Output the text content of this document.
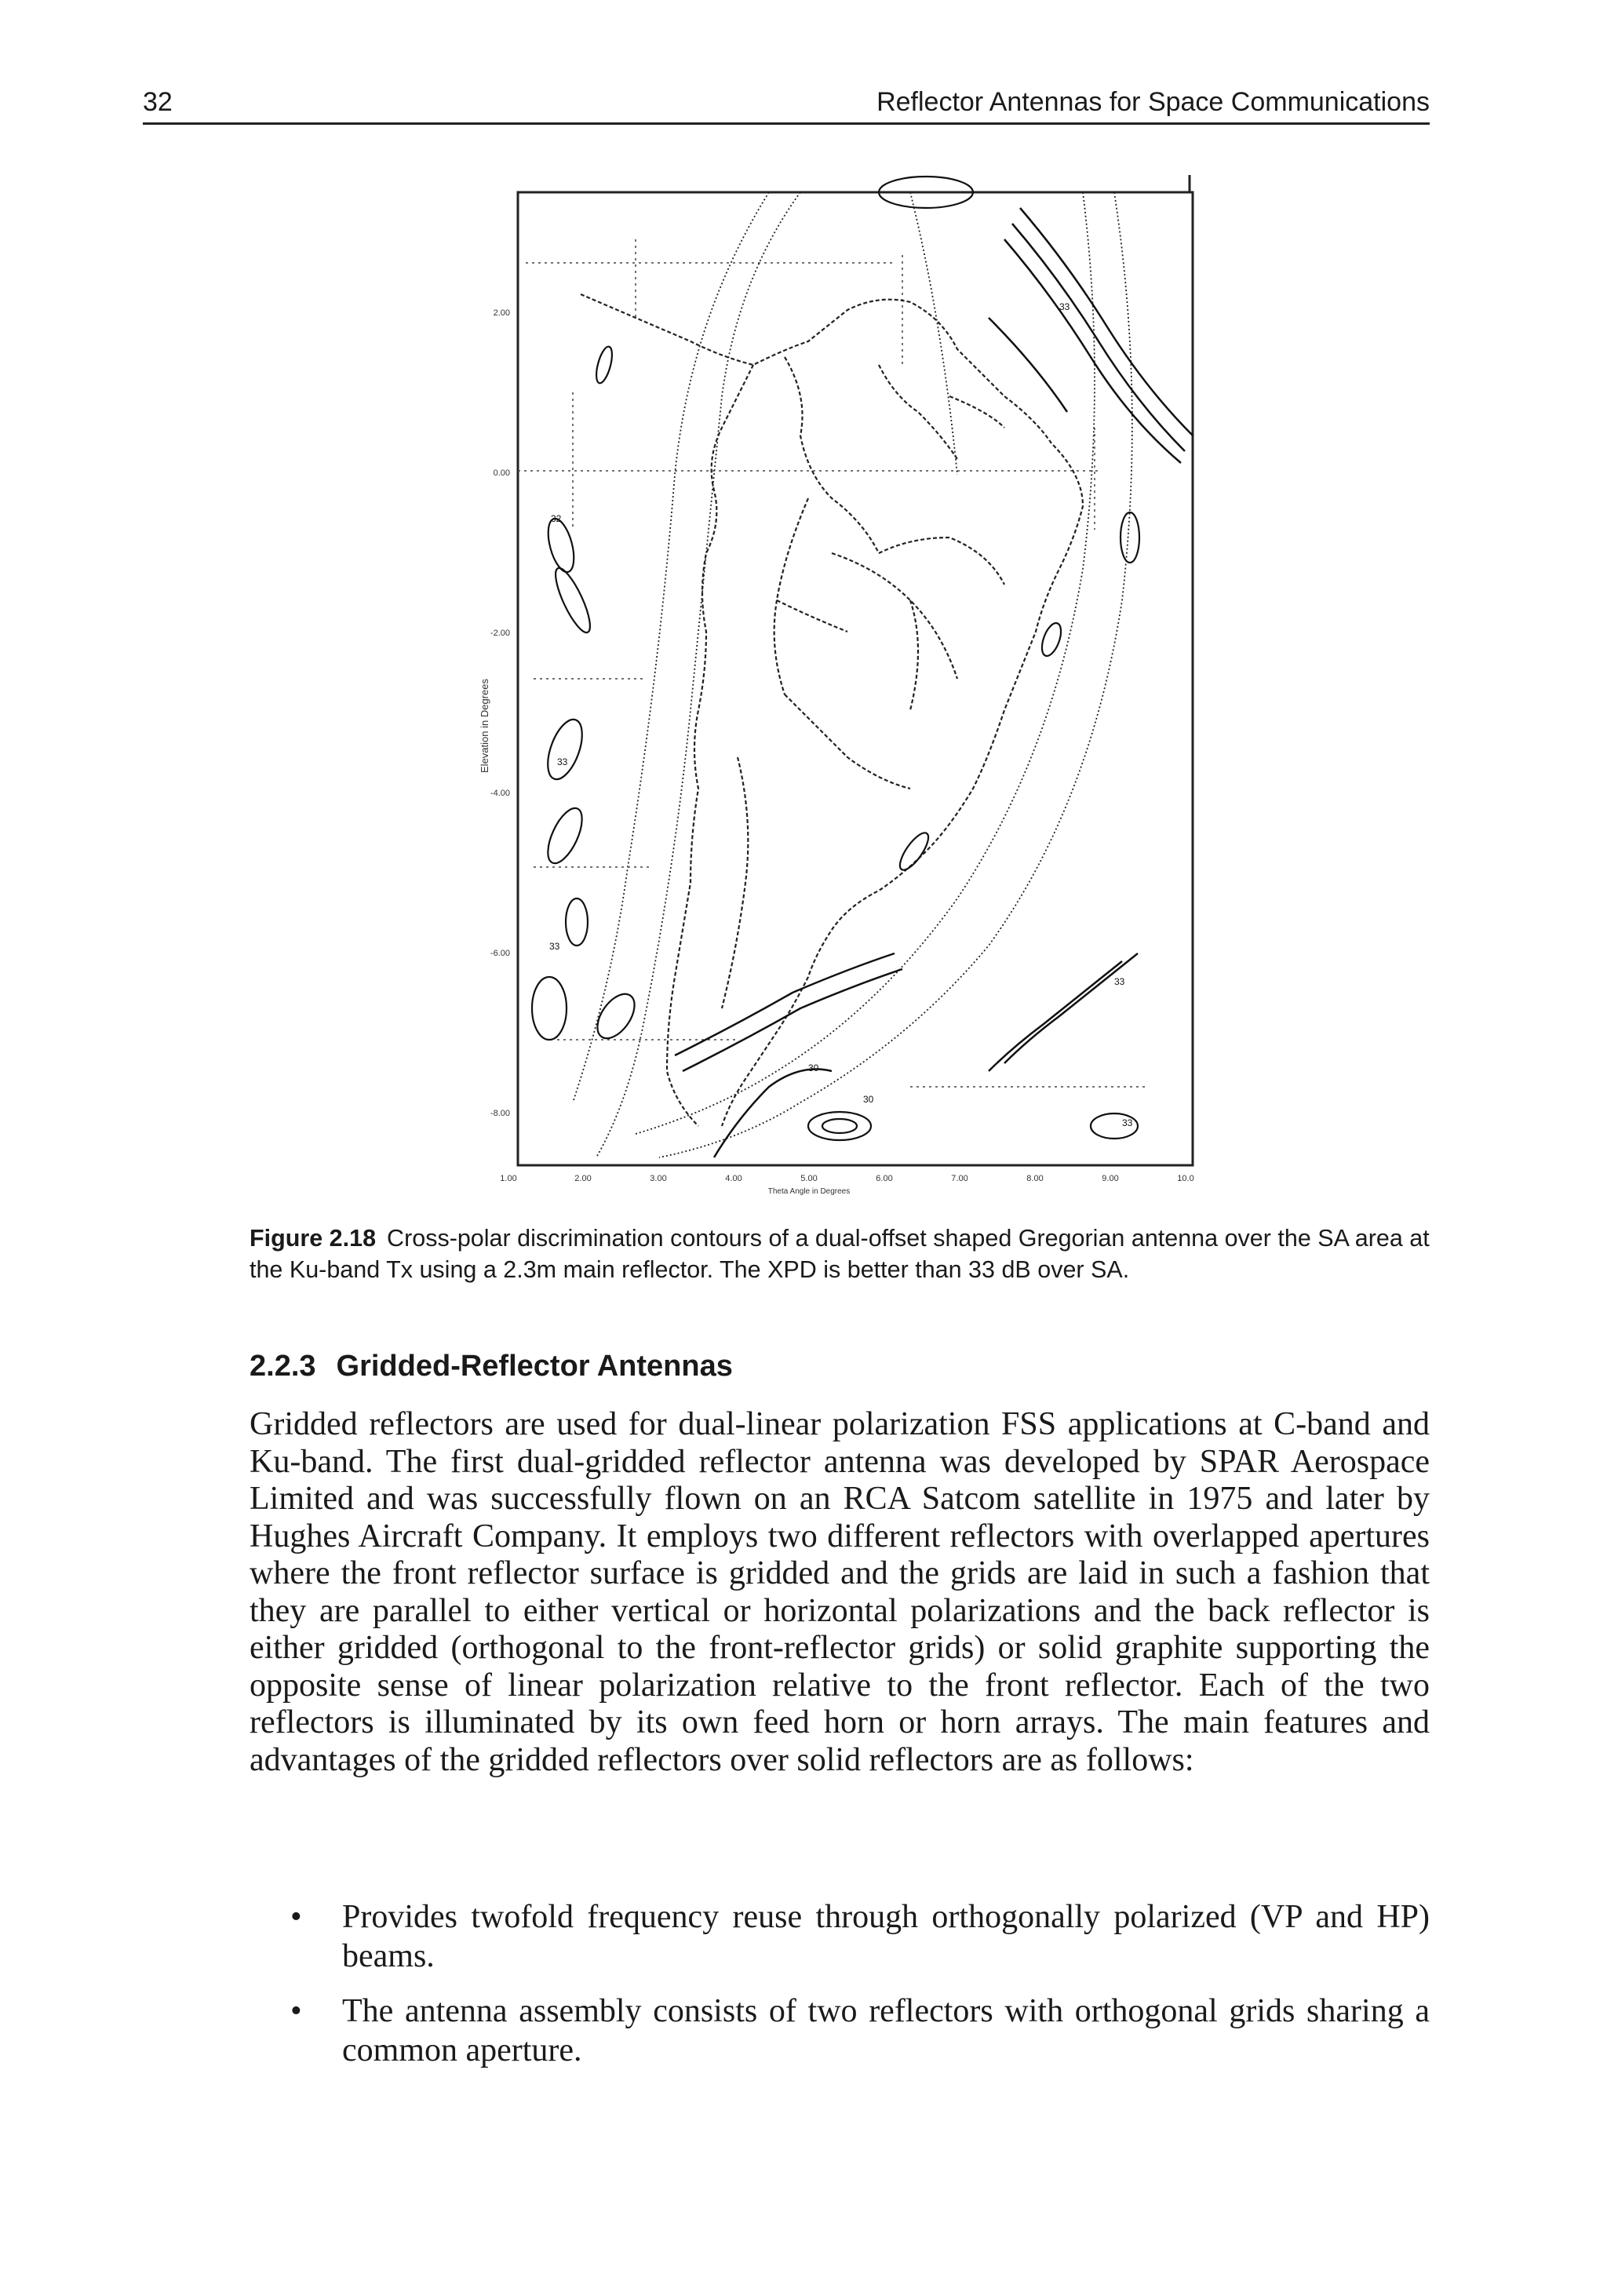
32	Reflector Antennas for Space Communications
Elevation in Degrees
2.00
0.00
-2.00
-4.00
-6.00
-8.00
1.00	2.00	3.00	4.00	5.00	6.00	7.00	8.00	9.00	10.0
Theta Angle in Degrees
32
33
33
30
30
33
33
33
Figure 2.18 Cross-polar discrimination contours of a dual-offset shaped Gregorian antenna over the SA area at the Ku-band Tx using a 2.3m main reflector. The XPD is better than 33 dB over SA.
2.2.3 Gridded-Reflector Antennas

Gridded reflectors are used for dual-linear polarization FSS applications at C-band and Ku-band. The first dual-gridded reflector antenna was developed by SPAR Aerospace Limited and was successfully flown on an RCA Satcom satellite in 1975 and later by Hughes Aircraft Company. It employs two different reflectors with overlapped apertures where the front reflector surface is gridded and the grids are laid in such a fashion that they are parallel to either vertical or horizontal polarizations and the back reflector is either gridded (orthogonal to the front-reflector grids) or solid graphite supporting the opposite sense of linear polarization relative to the front reflector. Each of the two reflectors is illuminated by its own feed horn or horn arrays. The main features and advantages of the gridded reflectors over solid reflectors are as follows:

• Provides twofold frequency reuse through orthogonally polarized (VP and HP) beams.
• The antenna assembly consists of two reflectors with orthogonal grids sharing a common aperture.
